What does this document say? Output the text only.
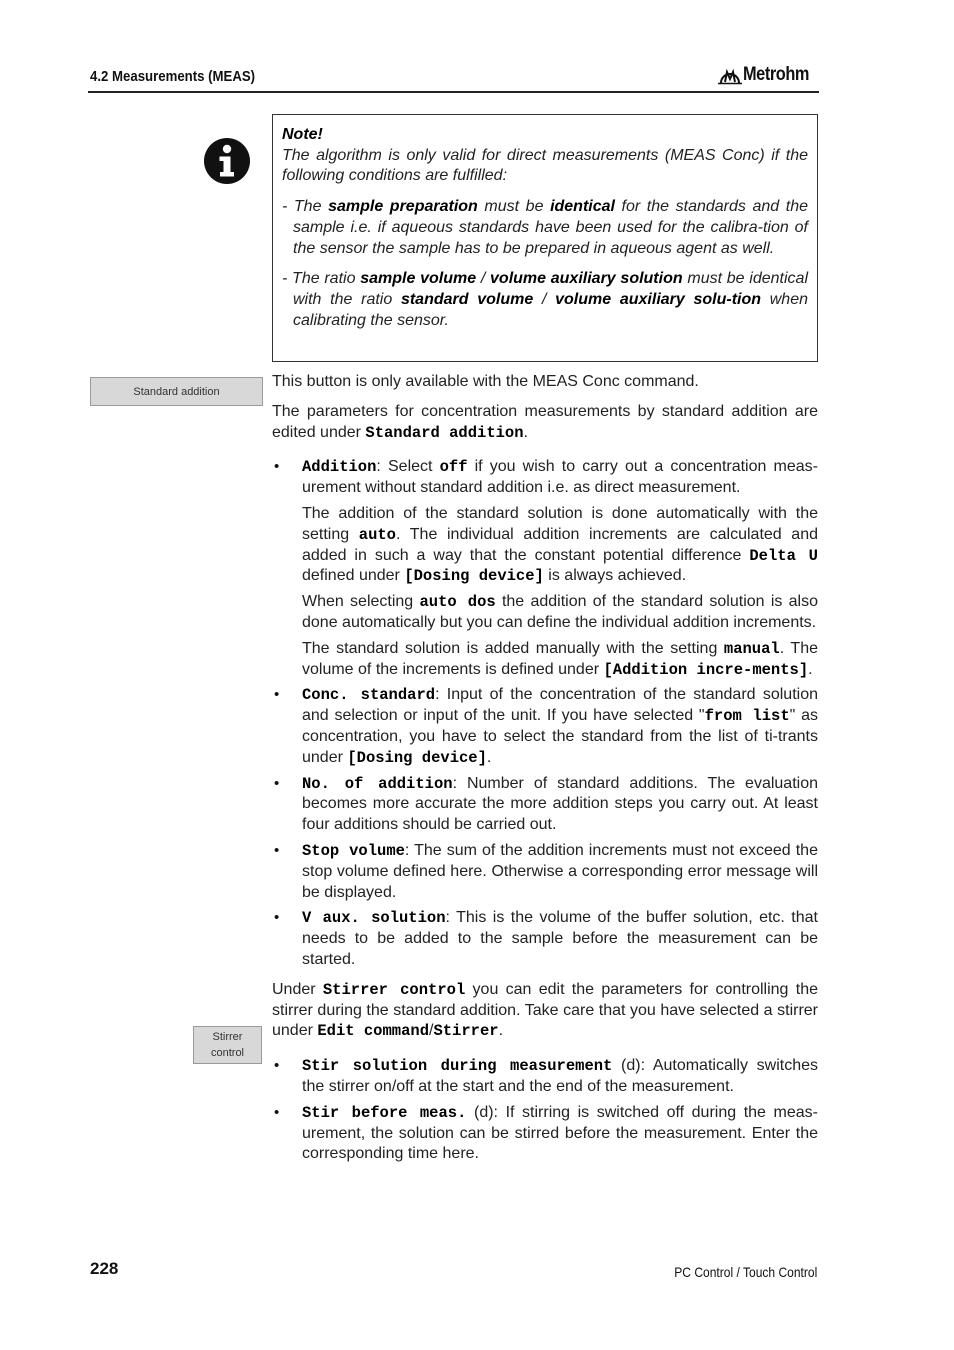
4.2 Measurements (MEAS)	Metrohm
Note!
The algorithm is only valid for direct measurements (MEAS Conc) if the following conditions are fulfilled:
- The sample preparation must be identical for the standards and the sample i.e. if aqueous standards have been used for the calibra-tion of the sensor the sample has to be prepared in aqueous agent as well.
- The ratio sample volume / volume auxiliary solution must be identical with the ratio standard volume / volume auxiliary solu-tion when calibrating the sensor.
Standard addition
Stirrer
control

This button is only available with the MEAS Conc command.

The parameters for concentration measurements by standard addition are edited under Standard addition.

• Addition: Select off if you wish to carry out a concentration meas-urement without standard addition i.e. as direct measurement.
The addition of the standard solution is done automatically with the setting auto. The individual addition increments are calculated and added in such a way that the constant potential difference Delta U defined under [Dosing device] is always achieved.
When selecting auto dos the addition of the standard solution is also done automatically but you can define the individual addition increments.
The standard solution is added manually with the setting manual. The volume of the increments is defined under [Addition incre-ments].
• Conc. standard: Input of the concentration of the standard solution and selection or input of the unit. If you have selected "from list" as concentration, you have to select the standard from the list of ti-trants under [Dosing device].
• No. of addition: Number of standard additions. The evaluation becomes more accurate the more addition steps you carry out. At least four additions should be carried out.
• Stop volume: The sum of the addition increments must not exceed the stop volume defined here. Otherwise a corresponding error message will be displayed.
• V aux. solution: This is the volume of the buffer solution, etc. that needs to be added to the sample before the measurement can be started.

Under Stirrer control you can edit the parameters for controlling the stirrer during the standard addition. Take care that you have selected a stirrer under Edit command/Stirrer.

• Stir solution during measurement (d): Automatically switches the stirrer on/off at the start and the end of the measurement.
• Stir before meas. (d): If stirring is switched off during the meas-urement, the solution can be stirred before the measurement. Enter the corresponding time here.
228	PC Control / Touch Control
